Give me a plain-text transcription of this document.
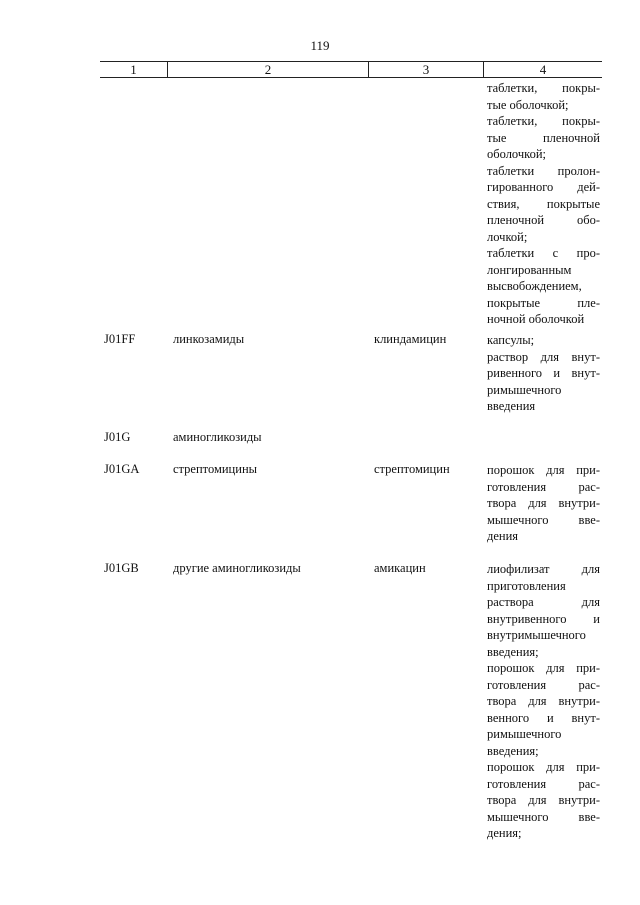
119
1	2	3	4
таблетки, покры-
тые оболочкой;
таблетки, покры-
тые пленочной
оболочкой;
таблетки пролон-
гированного дей-
ствия, покрытые
пленочной обо-
лочкой;
таблетки с про-
лонгированным
высвобождением,
покрытые пле-
ночной оболочкой
J01FF	линкозамиды	клиндамицин	капсулы;
раствор для внут-
ривенного и внут-
римышечного
введения
J01G	аминогликозиды
J01GA	стрептомицины	стрептомицин	порошок для при-
готовления рас-
твора для внутри-
мышечного вве-
дения
J01GB	другие аминогликозиды	амикацин	лиофилизат для
приготовления
раствора для
внутривенного и
внутримышечного
введения;
порошок для при-
готовления рас-
твора для внутри-
венного и внут-
римышечного
введения;
порошок для при-
готовления рас-
твора для внутри-
мышечного вве-
дения;
